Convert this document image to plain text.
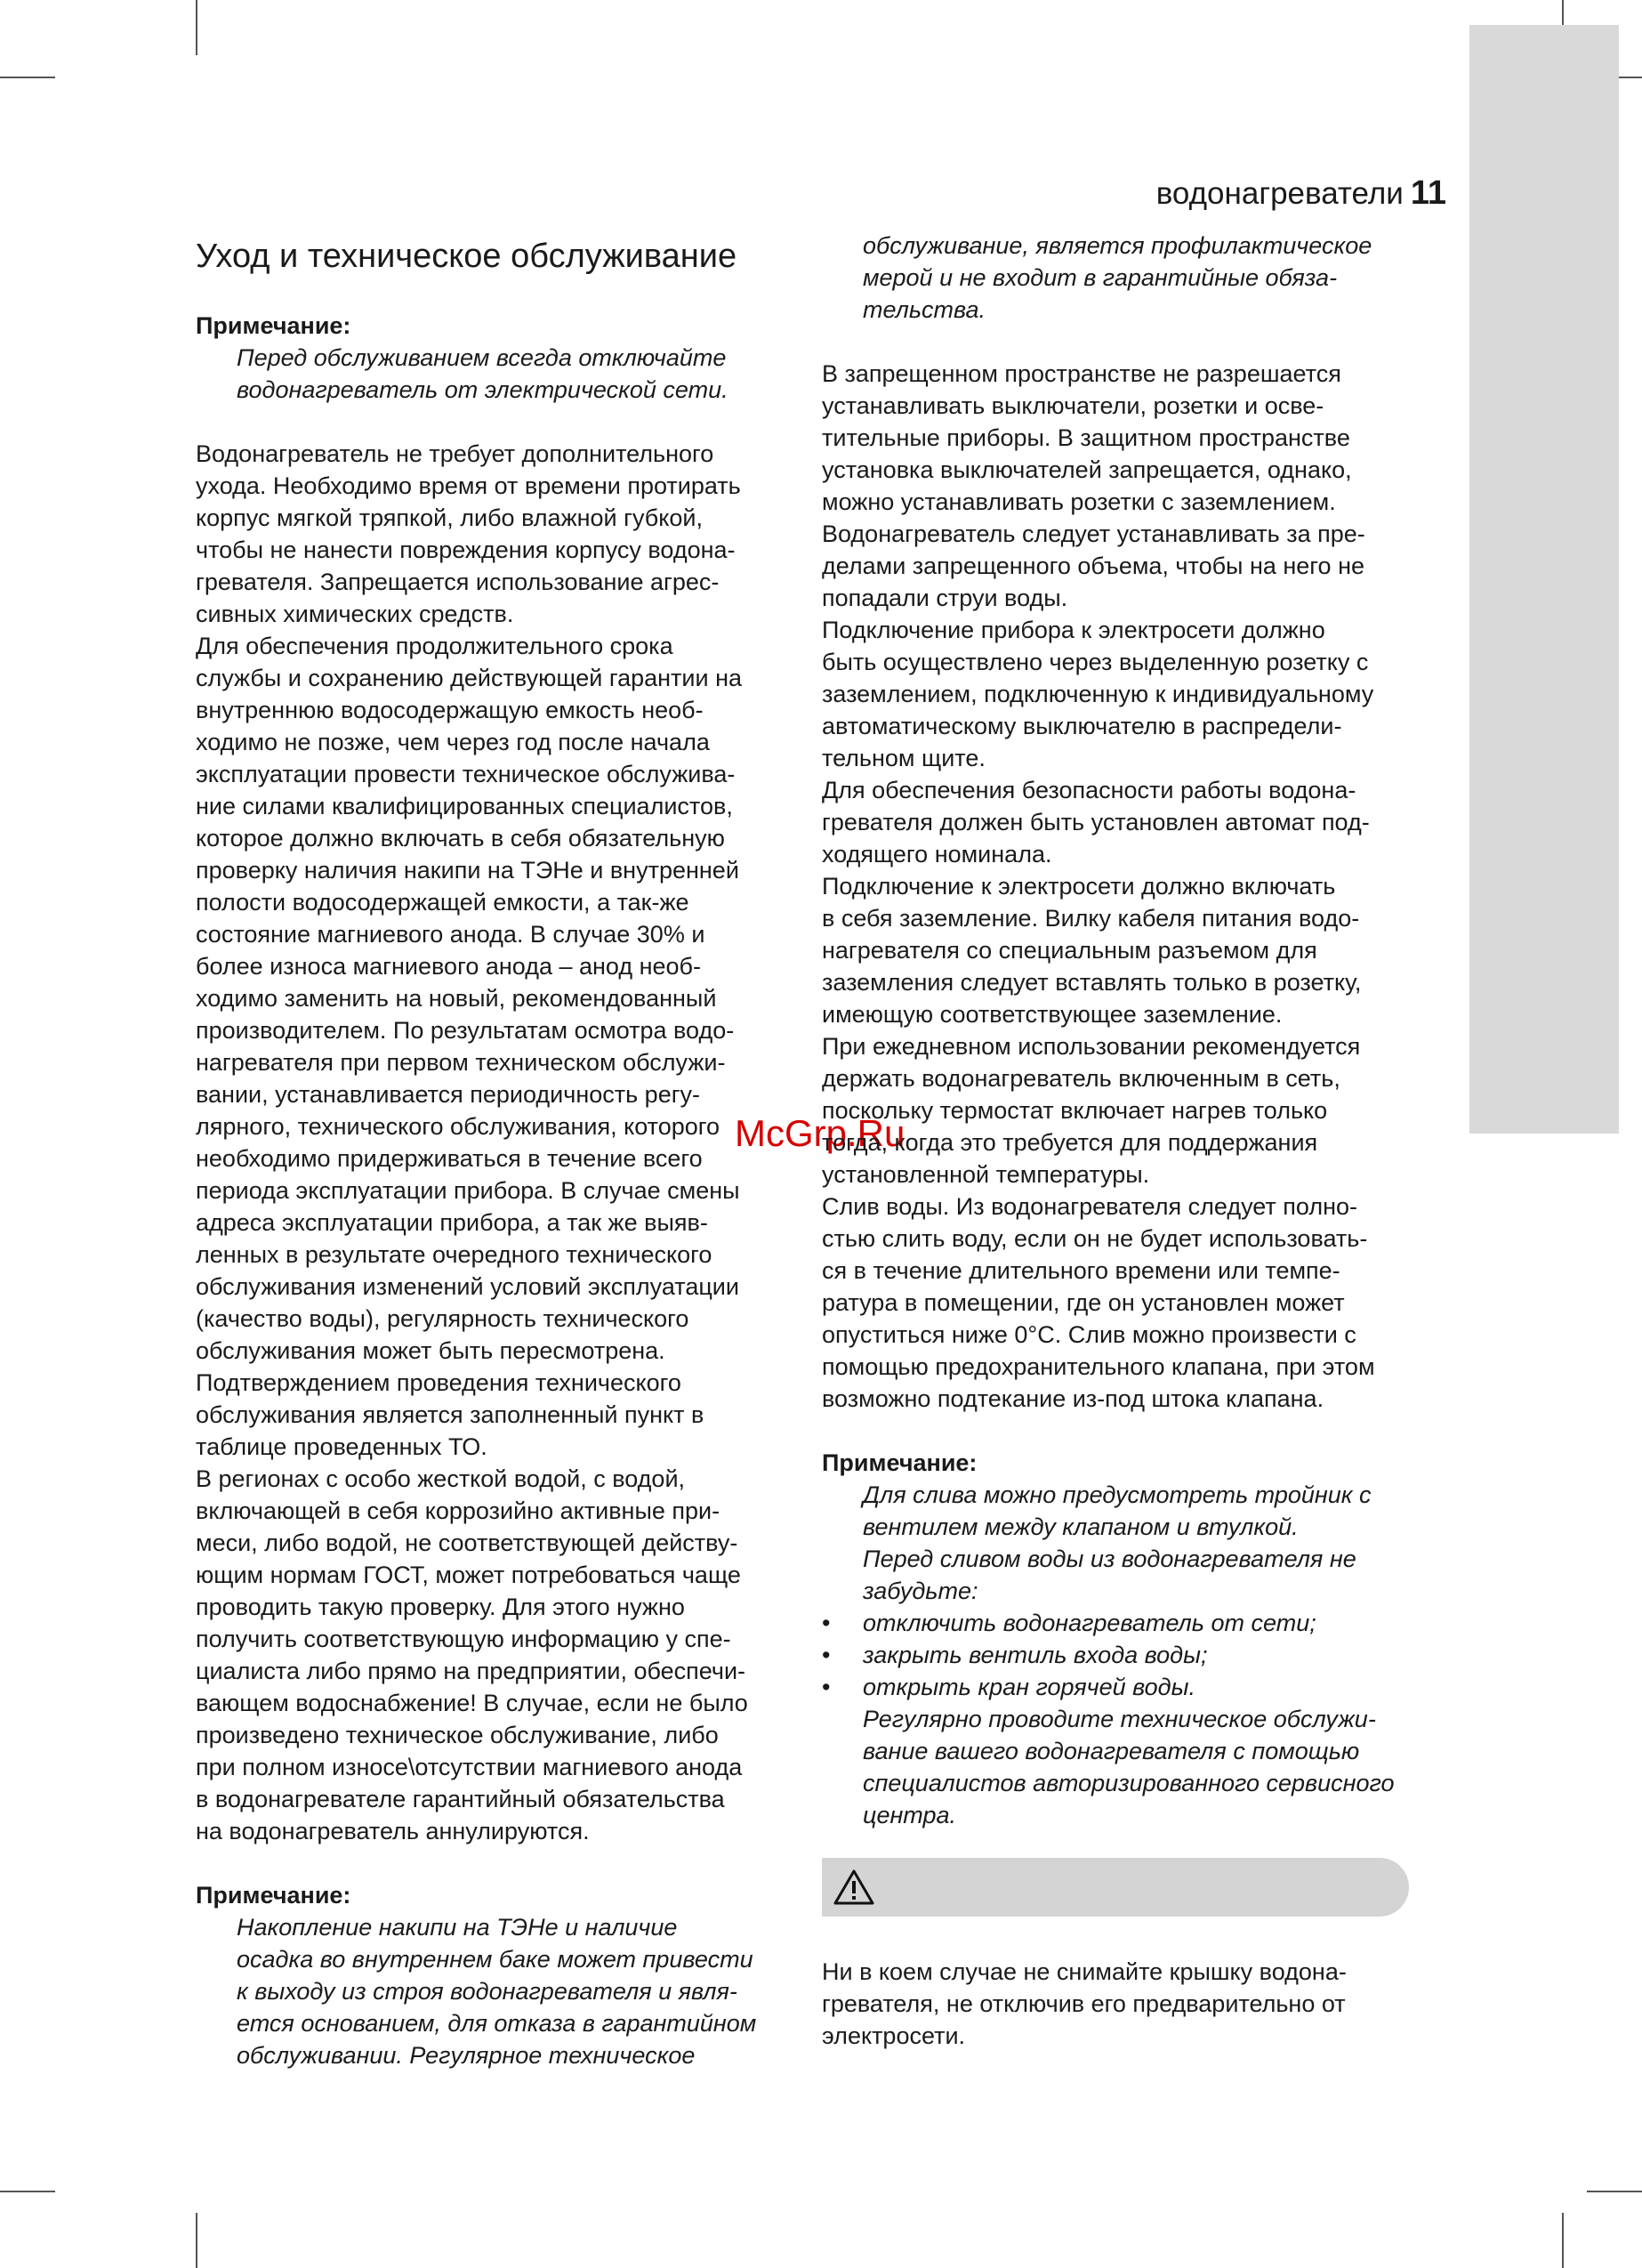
водонагреватели 11
McGrp.Ru
Уход и техническое обслуживание

Примечание:

Перед обслуживанием всегда отключайте
водонагреватель от электрической сети.

Водонагреватель не требует дополнительного

ухода. Необходимо время от времени протирать

корпус мягкой тряпкой, либо влажной губкой,

чтобы не нанести повреждения корпусу водона-

гревателя. Запрещается использование агрес-

сивных химических средств.

Для обеспечения продолжительного срока

службы и сохранению действующей гарантии на

внутреннюю водосодержащую емкость необ-

ходимо не позже, чем через год после начала

эксплуатации провести техническое обслужива-

ние силами квалифицированных специалистов,

которое должно включать в себя обязательную

проверку наличия накипи на ТЭНе и внутренней

полости водосодержащей емкости, а так-же

состояние магниевого анода. В случае 30% и

более износа магниевого анода – анод необ-

ходимо заменить на новый, рекомендованный

производителем. По результатам осмотра водо-

нагревателя при первом техническом обслужи-

вании, устанавливается периодичность регу-

лярного, технического обслуживания, которого

необходимо придерживаться в течение всего

периода эксплуатации прибора. В случае смены

адреса эксплуатации прибора, а так же выяв-

ленных в результате очередного технического

обслуживания изменений условий эксплуатации

(качество воды), регулярность технического

обслуживания может быть пересмотрена.

Подтверждением проведения технического

обслуживания является заполненный пункт в

таблице проведенных ТО.

В регионах с особо жесткой водой, с водой,

включающей в себя коррозийно активные при-

меси, либо водой, не соответствующей действу-

ющим нормам ГОСТ, может потребоваться чаще

проводить такую проверку. Для этого нужно

получить соответствующую информацию у спе-

циалиста либо прямо на предприятии, обеспечи-

вающем водоснабжение! В случае, если не было

произведено техническое обслуживание, либо

при полном износе\отсутствии магниевого анода

в водонагревателе гарантийный обязательства

на водонагреватель аннулируются.

Примечание:

Накопление накипи на ТЭНе и наличие
осадка во внутреннем баке может привести
к выходу из строя водонагревателя и явля-
ется основанием, для отказа в гарантийном
обслуживании. Регулярное техническое
обслуживание, является профилактическое
мерой и не входит в гарантийные обяза-
тельства.

В запрещенном пространстве не разрешается

устанавливать выключатели, розетки и осве-

тительные приборы. В защитном пространстве

установка выключателей запрещается, однако,

можно устанавливать розетки с заземлением.

Водонагреватель следует устанавливать за пре-

делами запрещенного объема, чтобы на него не

попадали струи воды.

Подключение прибора к электросети должно

быть осуществлено через выделенную розетку с

заземлением, подключенную к индивидуальному

автоматическому выключателю в распредели-

тельном щите.

Для обеспечения безопасности работы водона-

гревателя должен быть установлен автомат под-

ходящего номинала.

Подключение к электросети должно включать

в себя заземление. Вилку кабеля питания водо-

нагревателя со специальным разъемом для

заземления следует вставлять только в розетку,

имеющую соответствующее заземление.

При ежедневном использовании рекомендуется

держать водонагреватель включенным в сеть,

поскольку термостат включает нагрев только

тогда, когда это требуется для поддержания

установленной температуры.

Слив воды. Из водонагревателя следует полно-

стью слить воду, если он не будет использовать-

ся в течение длительного времени или темпе-

ратура в помещении, где он установлен может

опуститься ниже 0°С. Слив можно произвести с

помощью предохранительного клапана, при этом

возможно подтекание из-под штока клапана.

Примечание:

Для слива можно предусмотреть тройник с
вентилем между клапаном и втулкой.
Перед сливом воды из водонагревателя не
забудьте:
• отключить водонагреватель от сети;
• закрыть вентиль входа воды;
• открыть кран горячей воды.
Регулярно проводите техническое обслужи-
вание вашего водонагревателя с помощью
специалистов авторизированного сервисного
центра.

Ни в коем случае не снимайте крышку водона-

гревателя, не отключив его предварительно от

электросети.
